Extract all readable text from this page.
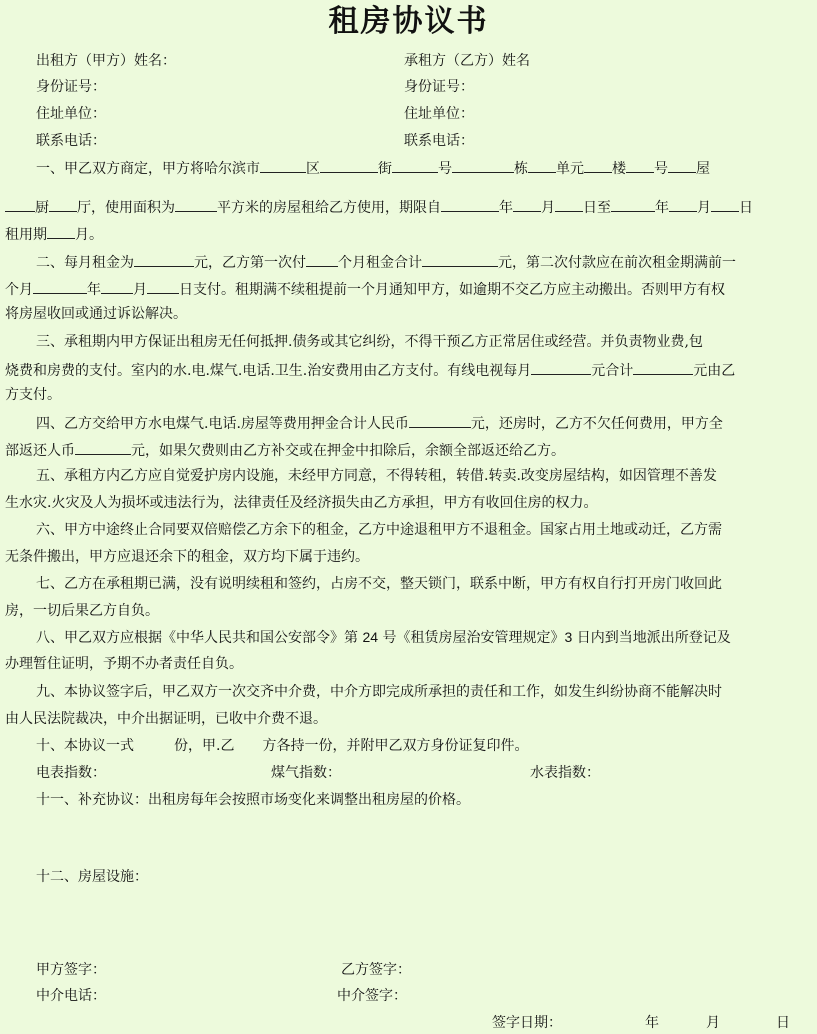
租房协议书
出租方（甲方）姓名：	承租方（乙方）姓名
身份证号：	身份证号：
住址单位：	住址单位：
联系电话：	联系电话：
一、甲乙双方商定，甲方将哈尔滨市	区	街	号	栋 单元 楼 号 屋
厨 厅，使用面积为	平方米的房屋租给乙方使用，期限自	年 月 日至	年 月 日
租用期 月。
二、每月租金为	元，乙方第一次付 个月租金合计	元，第二次付款应在前次租金期满前一
个月	年 月 日支付。租期满不续租提前一个月通知甲方，如逾期不交乙方应主动搬出。否则甲方有权
将房屋收回或通过诉讼解决。
三、承租期内甲方保证出租房无任何抵押.债务或其它纠纷，不得干预乙方正常居住或经营。并负责物业费,包
烧费和房费的支付。室内的水.电.煤气.电话.卫生.治安费用由乙方支付。有线电视每月	元合计	元由乙
方支付。
四、乙方交给甲方水电煤气.电话.房屋等费用押金合计人民币	元，还房时，乙方不欠任何费用，甲方全
部返还人币	元，如果欠费则由乙方补交或在押金中扣除后，余额全部返还给乙方。
五、承租方内乙方应自觉爱护房内设施，未经甲方同意，不得转租，转借.转卖.改变房屋结构，如因管理不善发
生水灾.火灾及人为损坏或违法行为，法律责任及经济损失由乙方承担，甲方有收回住房的权力。
六、甲方中途终止合同要双倍赔偿乙方余下的租金，乙方中途退租甲方不退租金。国家占用土地或动迁，乙方需
无条件搬出，甲方应退还余下的租金，双方均下属于违约。
七、乙方在承租期已满，没有说明续租和签约，占房不交，整天锁门，联系中断，甲方有权自行打开房门收回此
房，一切后果乙方自负。
八、甲乙双方应根据《中华人民共和国公安部令》第 24 号《租赁房屋治安管理规定》3 日内到当地派出所登记及
办理暂住证明，予期不办者责任自负。
九、本协议签字后，甲乙双方一次交齐中介费，中介方即完成所承担的责任和工作，如发生纠纷协商不能解决时
由人民法院裁决，中介出据证明，已收中介费不退。
十、本协议一式	份，甲.乙 方各持一份，并附甲乙双方身份证复印件。
电表指数：	煤气指数：	水表指数：
十一、补充协议：出租房每年会按照市场变化来调整出租房屋的价格。
十二、房屋设施：
甲方签字：	乙方签字：
中介电话：	中介签字：
签字日期：	年	月	日
